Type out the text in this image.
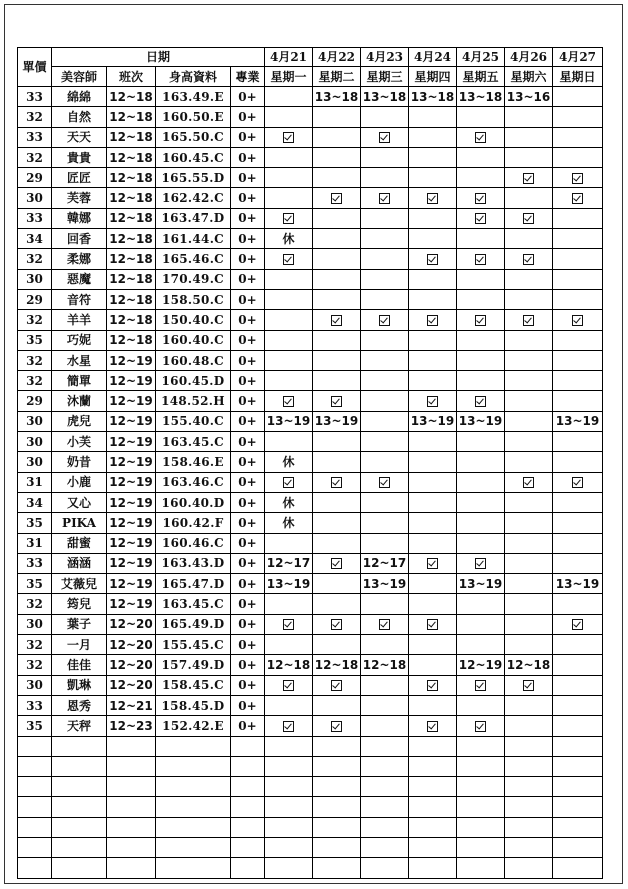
單價	日期				4月21	4月22	4月23	4月24	4月25	4月26	4月27
	美容師	班次	身高資料	專業	星期一	星期二	星期三	星期四	星期五	星期六	星期日
33	綿綿	12~18	163.49.E	0+		13~18	13~18	13~18	13~18	13~16	
32	自然	12~18	160.50.E	0+							
33	天天	12~18	165.50.C	0+							
32	貴貴	12~18	160.45.C	0+							
29	匠匠	12~18	165.55.D	0+							
30	芙蓉	12~18	162.42.C	0+							
33	韓娜	12~18	163.47.D	0+							
34	回香	12~18	161.44.C	0+	休						
32	柔娜	12~18	165.46.C	0+							
30	惡魔	12~18	170.49.C	0+							
29	音符	12~18	158.50.C	0+							
32	羊羊	12~18	150.40.C	0+							
35	巧妮	12~18	160.40.C	0+							
32	水星	12~19	160.48.C	0+							
32	簡單	12~19	160.45.D	0+							
29	沐蘭	12~19	148.52.H	0+							
30	虎兒	12~19	155.40.C	0+	13~19	13~19		13~19	13~19		13~19
30	小芙	12~19	163.45.C	0+							
30	奶昔	12~19	158.46.E	0+	休						
31	小鹿	12~19	163.46.C	0+							
34	又心	12~19	160.40.D	0+	休						
35	PIKA	12~19	160.42.F	0+	休						
31	甜蜜	12~19	160.46.C	0+							
33	涵涵	12~19	163.43.D	0+	12~17		12~17				
35	艾薇兒	12~19	165.47.D	0+	13~19		13~19		13~19		13~19
32	筠兒	12~19	163.45.C	0+							
30	葉子	12~20	165.49.D	0+							
32	一月	12~20	155.45.C	0+							
32	佳佳	12~20	157.49.D	0+	12~18	12~18	12~18		12~19	12~18	
30	凱琳	12~20	158.45.C	0+							
33	恩秀	12~21	158.45.D	0+							
35	天秤	12~23	152.42.E	0+							
